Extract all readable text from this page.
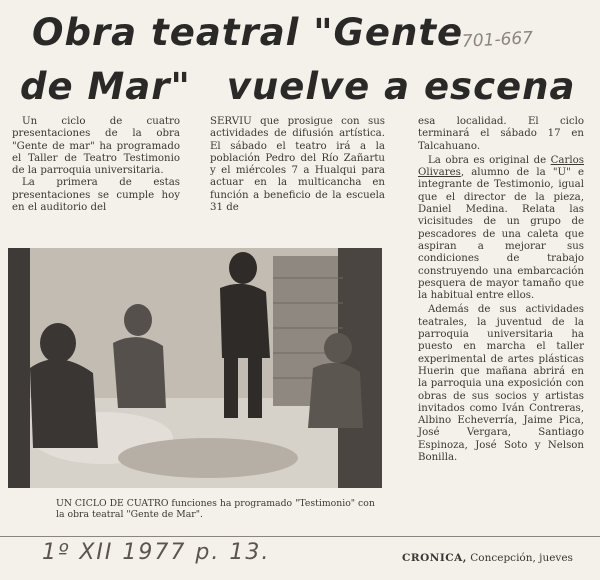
Obra teatral "Gente
de Mar" vuelve a escena
701-667

Un ciclo de cuatro presentaciones de la obra "Gente de mar" ha programado el Taller de Teatro Testimonio de la parroquia universitaria.

La primera de estas presentaciones se cumple hoy en el auditorio del

SERVIU que prosigue con sus actividades de difusión artística. El sábado el teatro irá a la población Pedro del Río Zañartu y el miércoles 7 a Hualqui para actuar en la multicancha en función a beneficio de la escuela 31 de

esa localidad. El ciclo terminará el sábado 17 en Talcahuano.

La obra es original de Carlos Olivares, alumno de la "U" e integrante de Testimonio, igual que el director de la pieza, Daniel Medina. Relata las vicisitudes de un grupo de pescadores de una caleta que aspiran a mejorar sus condiciones de trabajo construyendo una embarcación pesquera de mayor tamaño que la habitual entre ellos.

Además de sus actividades teatrales, la juventud de la parroquia universitaria ha puesto en marcha el taller experimental de artes plásticas Huerin que mañana abrirá en la parroquia una exposición con obras de sus socios y artistas invitados como Iván Contreras, Albino Echeverría, Jaime Pica, José Vergara, Santiago Espinoza, José Soto y Nelson Bonilla.

UN CICLO DE CUATRO funciones ha programado "Testimonio" con la obra teatral "Gente de Mar".
1º XII 1977 p. 13.	CRONICA, Concepción, jueves
